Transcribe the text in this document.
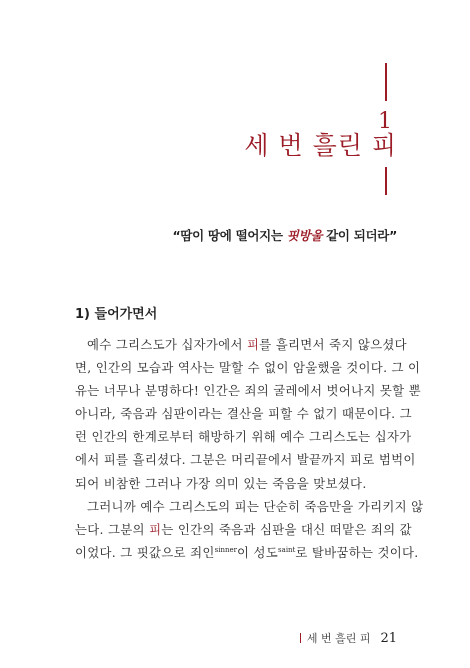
1
세 번 흘린 피
“땀이 땅에 떨어지는 핏방울 같이 되더라”
1) 들어가면서
예수 그리스도가 십자가에서 피를 흘리면서 죽지 않으셨다
면, 인간의 모습과 역사는 말할 수 없이 암울했을 것이다. 그 이
유는 너무나 분명하다! 인간은 죄의 굴레에서 벗어나지 못할 뿐
아니라, 죽음과 심판이라는 결산을 피할 수 없기 때문이다. 그
런 인간의 한계로부터 해방하기 위해 예수 그리스도는 십자가
에서 피를 흘리셨다. 그분은 머리끝에서 발끝까지 피로 범벅이
되어 비참한 그러나 가장 의미 있는 죽음을 맞보셨다.
그러니까 예수 그리스도의 피는 단순히 죽음만을 가리키지 않
는다. 그분의 피는 인간의 죽음과 심판을 대신 떠맡은 죄의 값
이었다. 그 핏값으로 죄인$^{sinner}$이 성도$^{saint}$로 탈바꿈하는 것이다.
세 번 흘린 피 21
